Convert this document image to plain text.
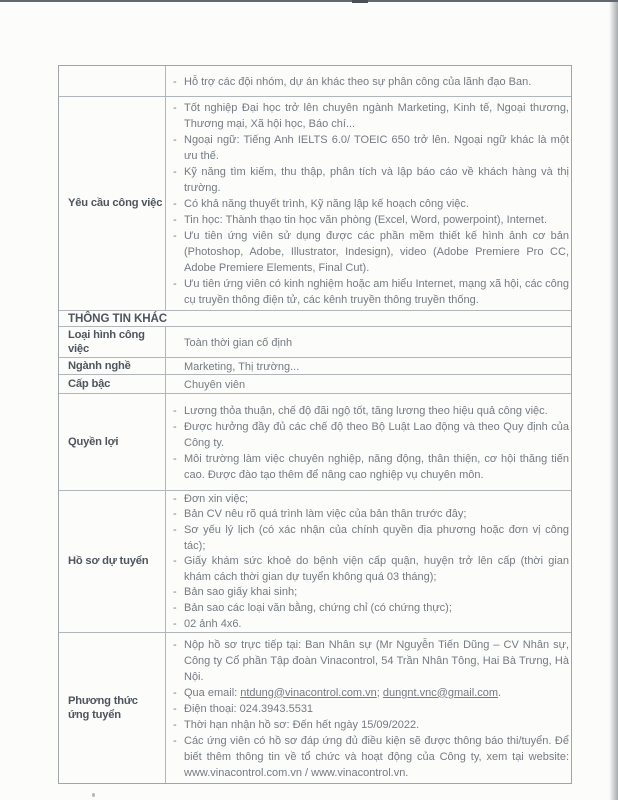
- Hỗ trợ các đội nhóm, dự án khác theo sự phân công của lãnh đạo Ban.
Yêu cầu công việc
- Tốt nghiệp Đại học trở lên chuyên ngành Marketing, Kinh tế, Ngoại thương, Thương mại, Xã hội học, Báo chí...
- Ngoại ngữ: Tiếng Anh IELTS 6.0/ TOEIC 650 trở lên. Ngoại ngữ khác là một ưu thế.
- Kỹ năng tìm kiếm, thu thập, phân tích và lập báo cáo về khách hàng và thị trường.
- Có khả năng thuyết trình, Kỹ năng lập kế hoạch công việc.
- Tin học: Thành thạo tin học văn phòng (Excel, Word, powerpoint), Internet.
- Ưu tiên ứng viên sử dụng được các phần mềm thiết kế hình ảnh cơ bản (Photoshop, Adobe, Illustrator, Indesign), video (Adobe Premiere Pro CC, Adobe Premiere Elements, Final Cut).
- Ưu tiên ứng viên có kinh nghiệm hoặc am hiểu Internet, mạng xã hội, các công cụ truyền thông điện tử, các kênh truyền thông truyền thống.
THÔNG TIN KHÁC
Loại hình công việc
Toàn thời gian cố định
Ngành nghề	Marketing, Thị trường...
Cấp bậc	Chuyên viên
Quyền lợi
- Lương thỏa thuận, chế độ đãi ngộ tốt, tăng lương theo hiệu quả công việc.
- Được hưởng đầy đủ các chế độ theo Bộ Luật Lao động và theo Quy định của Công ty.
- Môi trường làm việc chuyên nghiệp, năng động, thân thiện, cơ hội thăng tiến cao. Được đào tạo thêm để nâng cao nghiệp vụ chuyên môn.
Hồ sơ dự tuyển
- Đơn xin việc;
- Bản CV nêu rõ quá trình làm việc của bản thân trước đây;
- Sơ yếu lý lịch (có xác nhận của chính quyền địa phương hoặc đơn vị công tác);
- Giấy khám sức khoẻ do bệnh viện cấp quận, huyện trở lên cấp (thời gian khám cách thời gian dự tuyển không quá 03 tháng);
- Bản sao giấy khai sinh;
- Bản sao các loại văn bằng, chứng chỉ (có chứng thực);
- 02 ảnh 4x6.
Phương thức ứng tuyển
- Nộp hồ sơ trực tiếp tại: Ban Nhân sự (Mr Nguyễn Tiến Dũng – CV Nhân sự, Công ty Cổ phần Tập đoàn Vinacontrol, 54 Trần Nhân Tông, Hai Bà Trưng, Hà Nội.
- Qua email: ntdung@vinacontrol.com.vn; dungnt.vnc@gmail.com.
- Điện thoại: 024.3943.5531
- Thời hạn nhận hồ sơ: Đến hết ngày 15/09/2022.
- Các ứng viên có hồ sơ đáp ứng đủ điều kiện sẽ được thông báo thi/tuyển. Để biết thêm thông tin về tổ chức và hoạt động của Công ty, xem tại website: www.vinacontrol.com.vn / www.vinacontrol.vn.
